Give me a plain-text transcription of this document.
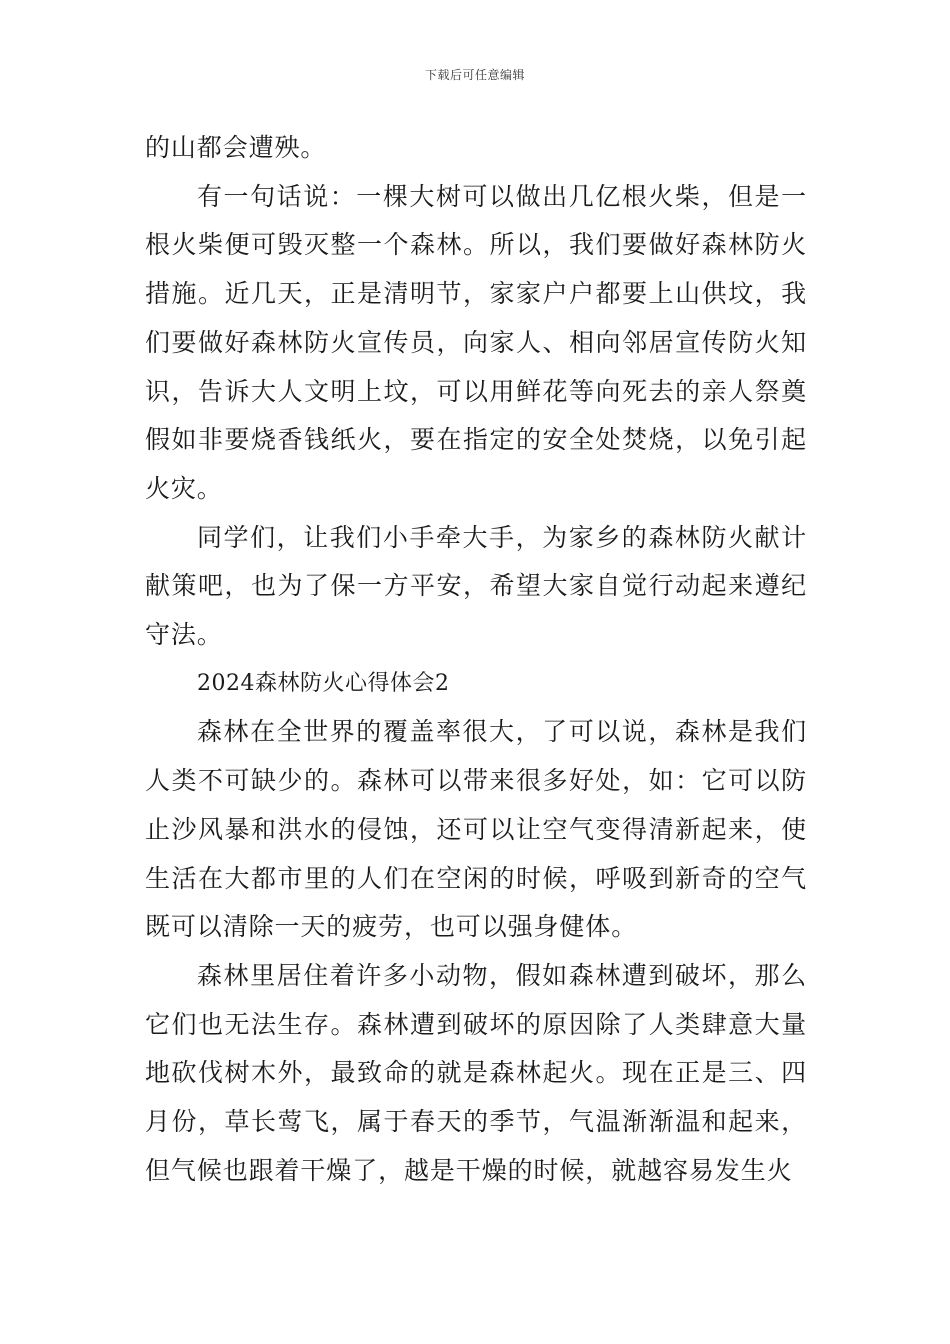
下载后可任意编辑

的山都会遭殃。

有一句话说：一棵大树可以做出几亿根火柴，但是一根火柴便可毁灭整一个森林。所以，我们要做好森林防火措施。近几天，正是清明节，家家户户都要上山供坟，我们要做好森林防火宣传员，向家人、相向邻居宣传防火知识，告诉大人文明上坟，可以用鲜花等向死去的亲人祭奠假如非要烧香钱纸火，要在指定的安全处焚烧，以免引起火灾。

同学们，让我们小手牵大手，为家乡的森林防火献计献策吧，也为了保一方平安，希望大家自觉行动起来遵纪守法。

2024森林防火心得体会2

森林在全世界的覆盖率很大，了可以说，森林是我们人类不可缺少的。森林可以带来很多好处，如：它可以防止沙风暴和洪水的侵蚀，还可以让空气变得清新起来，使生活在大都市里的人们在空闲的时候，呼吸到新奇的空气既可以清除一天的疲劳，也可以强身健体。

森林里居住着许多小动物，假如森林遭到破坏，那么它们也无法生存。森林遭到破坏的原因除了人类肆意大量地砍伐树木外，最致命的就是森林起火。现在正是三、四月份，草长莺飞，属于春天的季节，气温渐渐温和起来，但气候也跟着干燥了，越是干燥的时候，就越容易发生火
